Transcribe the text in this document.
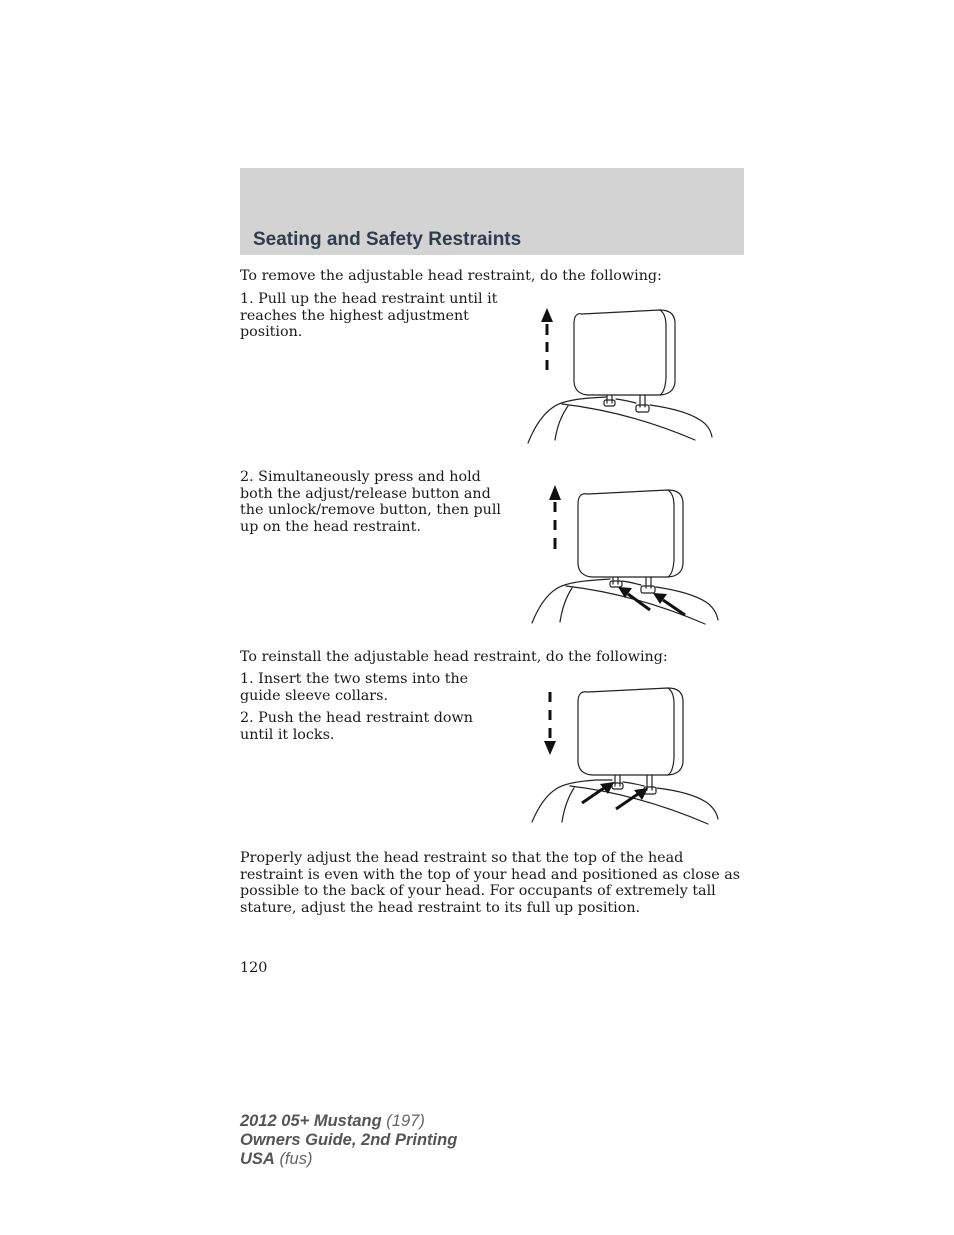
Seating and Safety Restraints

To remove the adjustable head restraint, do the following:

1. Pull up the head restraint until it reaches the highest adjustment position.

2. Simultaneously press and hold both the adjust/release button and the unlock/remove button, then pull up on the head restraint.

To reinstall the adjustable head restraint, do the following:

1. Insert the two stems into the guide sleeve collars.

2. Push the head restraint down until it locks.

Properly adjust the head restraint so that the top of the head restraint is even with the top of your head and positioned as close as possible to the back of your head. For occupants of extremely tall stature, adjust the head restraint to its full up position.

120

2012 05+ Mustang (197)
Owners Guide, 2nd Printing
USA (fus)
